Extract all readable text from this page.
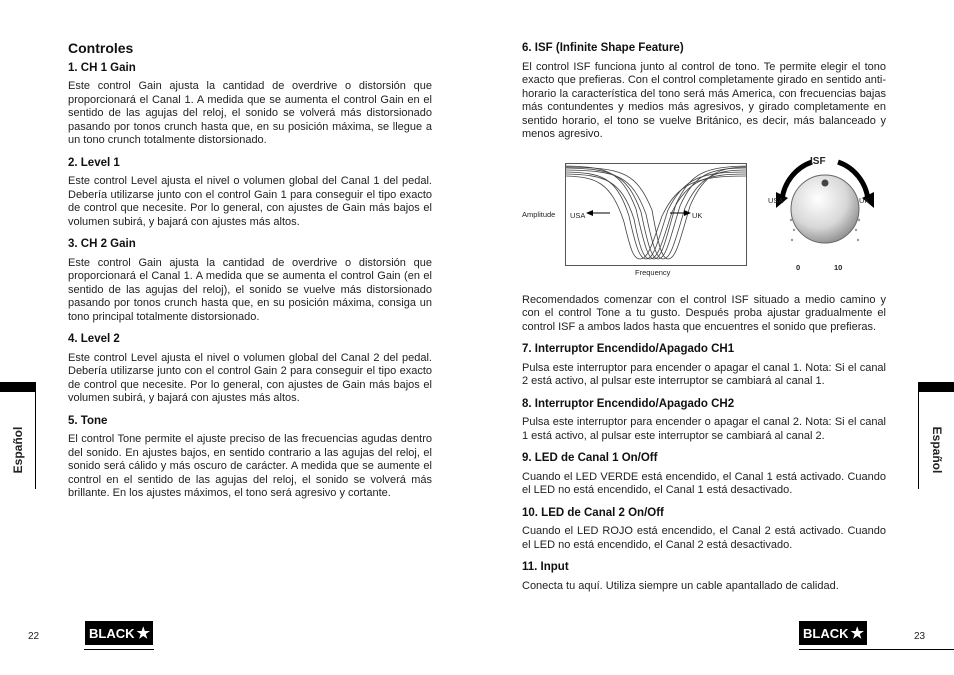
Controles
1. CH 1 Gain

Este control Gain ajusta la cantidad de overdrive o distorsión que proporcionará el Canal 1. A medida que se aumenta el control Gain en el sentido de las agujas del reloj, el sonido se volverá más distorsionado pasando por tonos crunch hasta que, en su posición máxima, se llegue a un tono crunch totalmente distorsionado.

2. Level 1

Este control Level ajusta el nivel o volumen global del Canal 1 del pedal. Debería utilizarse junto con el control Gain 1 para conseguir el tipo exacto de control que necesite. Por lo general, con ajustes de Gain más bajos el volumen subirá, y bajará con ajustes más altos.

3. CH 2 Gain

Este control Gain ajusta la cantidad de overdrive o distorsión que proporcionará el Canal 1. A medida que se aumenta el control Gain (en el sentido de las agujas del reloj), el sonido se vuelve más distorsionado pasando por tonos crunch hasta que, en su posición máxima, consiga un tono principal totalmente distorsionado.

4. Level 2

Este control Level ajusta el nivel o volumen global del Canal 2 del pedal. Debería utilizarse junto con el control Gain 2 para conseguir el tipo exacto de control que necesite. Por lo general, con ajustes de Gain más bajos el volumen subirá, y bajará con ajustes más altos.

5. Tone

El control Tone permite el ajuste preciso de las frecuencias agudas dentro del sonido. En ajustes bajos, en sentido contrario a las agujas del reloj, el sonido será cálido y más oscuro de carácter. A medida que se aumente el control en el sentido de las agujas del reloj, el sonido se volverá más brillante. En los ajustes máximos, el tono será agresivo y cortante.

6. ISF (Infinite Shape Feature)

El control ISF funciona junto al control de tono. Te permite elegir el tono exacto que prefieras. Con el control completamente girado en sentido anti-horario la característica del tono será más America, con frecuencias bajas más contundentes y medios más agresivos, y girado completamente en sentido horario, el tono se vuelve Británico, es decir, más balanceado y menos agresivo.

USA	UK
Amplitude
Frequency
ISF
USA	UK
0	10

Recomendados comenzar con el control ISF situado a medio camino y con el control Tone a tu gusto. Después proba ajustar gradualmente el control ISF a ambos lados hasta que encuentres el sonido que prefieras.

7. Interruptor Encendido/Apagado CH1

Pulsa este interruptor para encender o apagar el canal 1. Nota: Si el canal 2 está activo, al pulsar este interruptor se cambiará al canal 1.

8. Interruptor Encendido/Apagado CH2

Pulsa este interruptor para encender o apagar el canal 2. Nota: Si el canal 1 está activo, al pulsar este interruptor se cambiará al canal 2.

9. LED de Canal 1 On/Off

Cuando el LED VERDE está encendido, el Canal 1 está activado. Cuando el LED no está encendido, el Canal 1 está desactivado.

10. LED de Canal 2 On/Off

Cuando el LED ROJO está encendido, el Canal 2 está activado. Cuando el LED no está encendido, el Canal 2 está desactivado.

11. Input

Conecta tu aquí. Utiliza siempre un cable apantallado de calidad.

Español	Español
22	BLACK ★	BLACK ★	23
